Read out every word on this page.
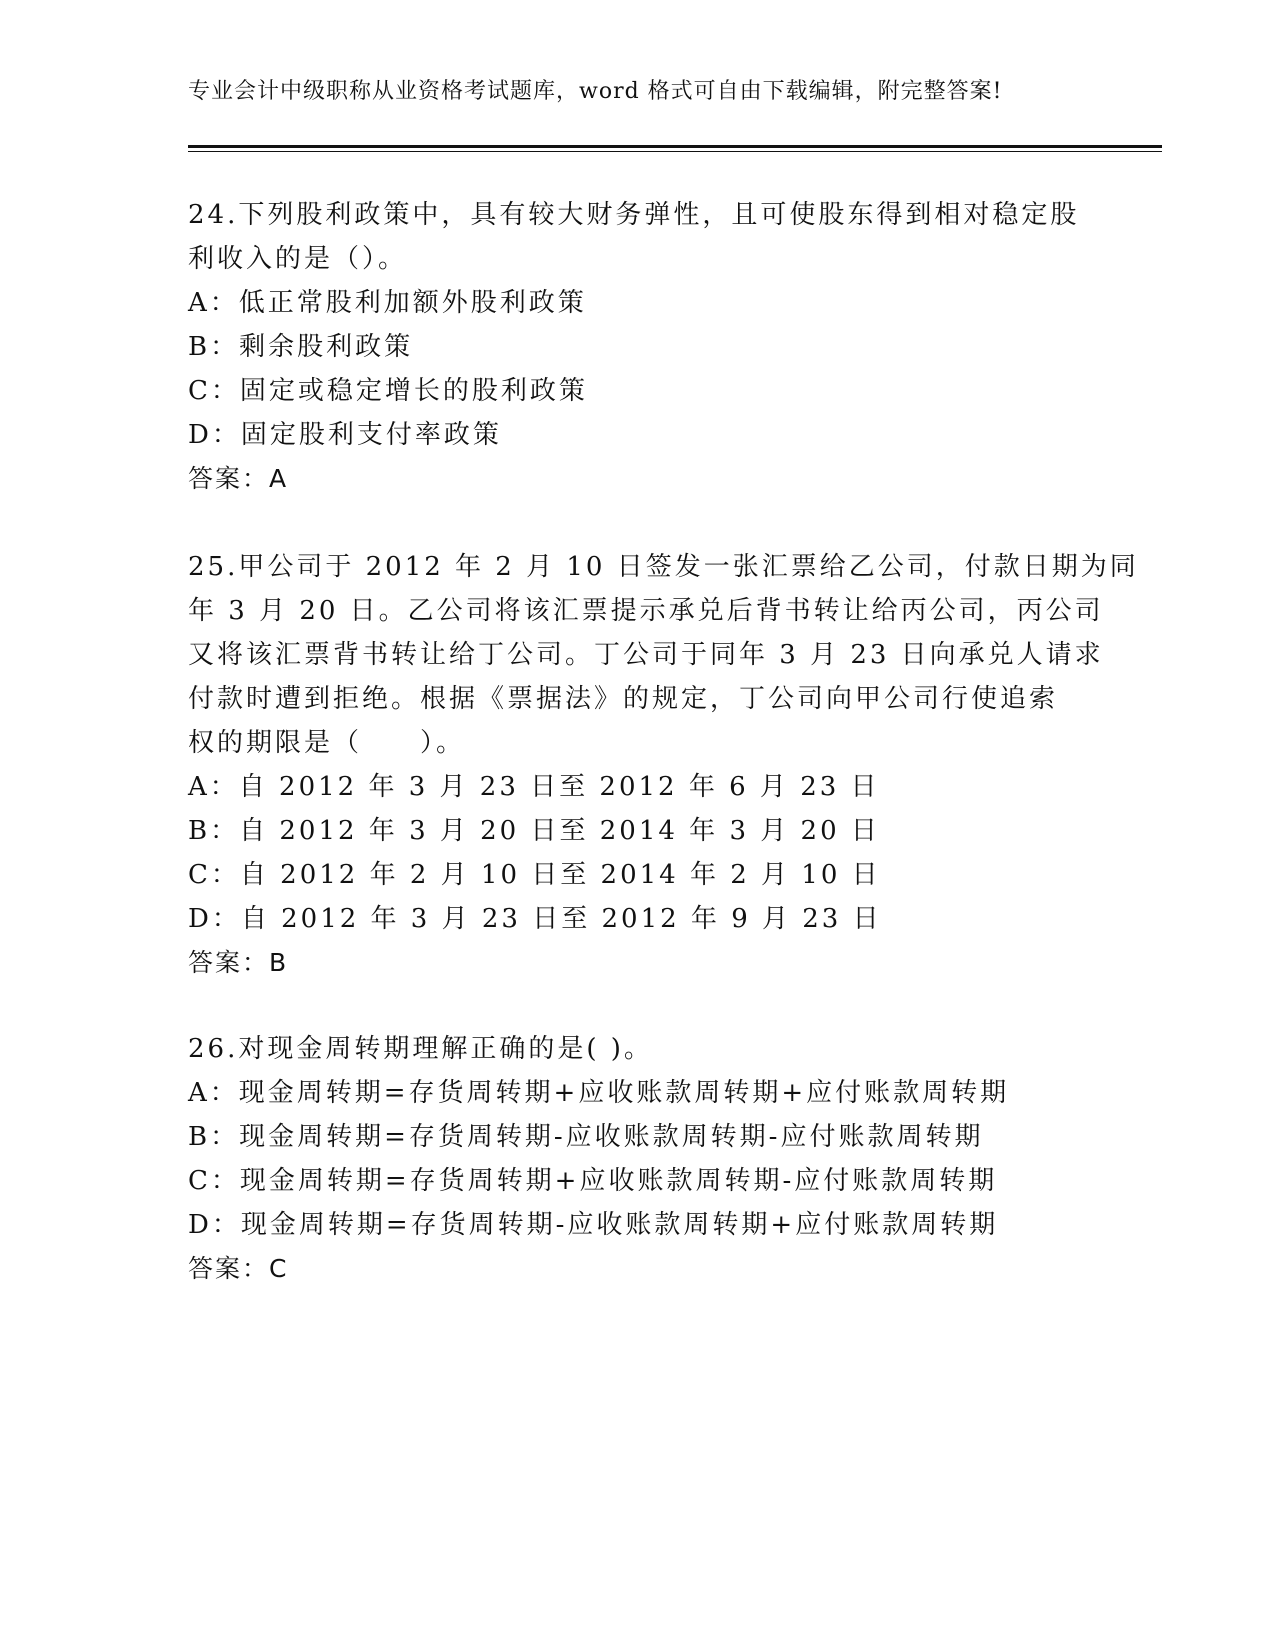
专业会计中级职称从业资格考试题库，word 格式可自由下载编辑，附完整答案!
24.下列股利政策中，具有较大财务弹性，且可使股东得到相对稳定股
利收入的是（）。
A：低正常股利加额外股利政策
B：剩余股利政策
C：固定或稳定增长的股利政策
D：固定股利支付率政策
答案：A
25.甲公司于 2012 年 2 月 10 日签发一张汇票给乙公司，付款日期为同
年 3 月 20 日。乙公司将该汇票提示承兑后背书转让给丙公司，丙公司
又将该汇票背书转让给丁公司。丁公司于同年 3 月 23 日向承兑人请求
付款时遭到拒绝。根据《票据法》的规定，丁公司向甲公司行使追索
权的期限是（　　）。
A：自 2012 年 3 月 23 日至 2012 年 6 月 23 日
B：自 2012 年 3 月 20 日至 2014 年 3 月 20 日
C：自 2012 年 2 月 10 日至 2014 年 2 月 10 日
D：自 2012 年 3 月 23 日至 2012 年 9 月 23 日
答案：B
26.对现金周转期理解正确的是( )。
A：现金周转期=存货周转期+应收账款周转期+应付账款周转期
B：现金周转期=存货周转期-应收账款周转期-应付账款周转期
C：现金周转期=存货周转期+应收账款周转期-应付账款周转期
D：现金周转期=存货周转期-应收账款周转期+应付账款周转期
答案：C
